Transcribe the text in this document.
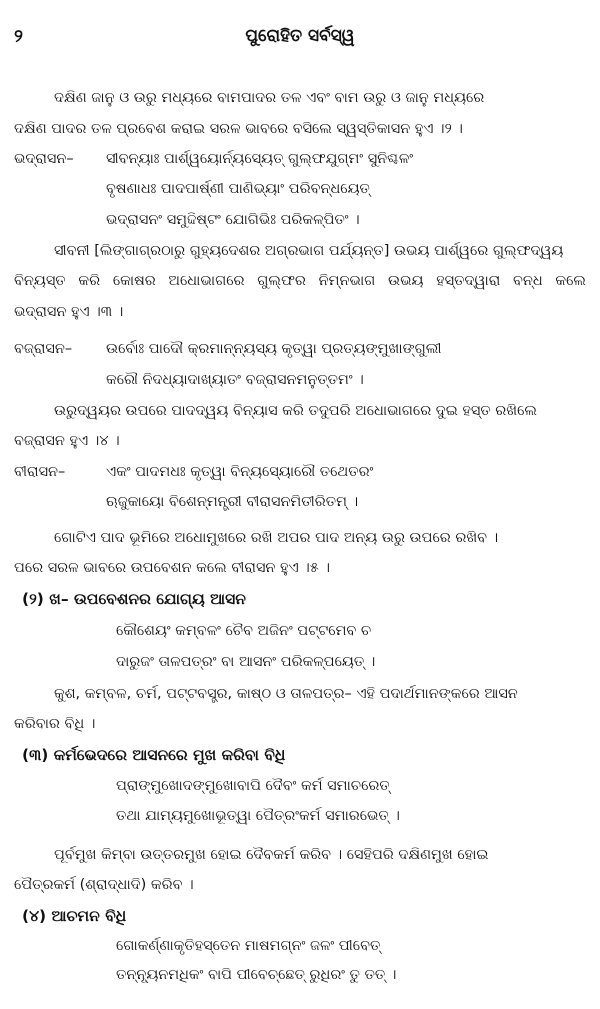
୨	ପୁରୋହିତ ସର୍ବସ୍ୱ
ଦକ୍ଷିଣ ଜାନୁ ଓ ଉରୁ ମଧ୍ୟରେ ବାମପାଦର ତଳ ଏବଂ ବାମ ଉରୁ ଓ ଜାନୁ ମଧ୍ୟରେ
ଦକ୍ଷିଣ ପାଦର ତଳ ପ୍ରବେଶ କରାଇ ସରଳ ଭାବରେ ବସିଲେ ସ୍ୱସ୍ତିକାସନ ହୁଏ ।୨ ।
ଭଦ୍ରାସନ– ସୀବନ୍ୟାଃ ପାର୍ଶ୍ୱୟୋର୍ନ୍ୟସ୍ୟେତ୍ ଗୁଲ୍‌ଫଯୁଗ୍ମଂ ସୁନିଶ୍ଚଳଂ
ବୃଷଣାଧଃ ପାଦପାର୍ଷ୍ଣୀ ପାଣିଭ୍ୟାଂ ପରିବନ୍ଧୟେତ୍
ଭଦ୍ରାସନଂ ସମୁଦ୍ଦିଷ୍ଟଂ ଯୋଗିଭିଃ ପରିକଳ୍ପିତଂ ।
ସୀବନୀ [ଲିଙ୍ଗାଗ୍ରଠାରୁ ଗୁହ୍ୟଦେଶର ଅଗ୍ରଭାଗ ପର୍ଯ୍ୟନ୍ତ] ଉଭୟ ପାର୍ଶ୍ୱରେ ଗୁଲ୍‌ଫଦ୍ୱୟ
ବିନ୍ୟସ୍ତ କରି କୋଷର ଅଧୋଭାଗରେ ଗୁଲ୍‌ଫର ନିମ୍ନଭାଗ ଉଭୟ ହସ୍ତଦ୍ୱାରା ବନ୍ଧ କଲେ
ଭଦ୍ରାସନ ହୁଏ ।୩ ।
ବଜ୍ରାସନ– ଉର୍ବୋଃ ପାଦୌ କ୍ରମାନ୍ନ୍ୟସ୍ୟ କୃତ୍ୱା ପ୍ରତ୍ୟଙ୍ମୁଖାଙ୍ଗୁଲୀ
କରୌ ନିଦଧ୍ୟାଦାଖ୍ୟାତଂ ବଜ୍ରାସନମନୁତ୍ତମଂ ।
ଉରୁଦ୍ୱୟର ଉପରେ ପାଦଦ୍ୱୟ ବିନ୍ୟାସ କରି ତଦୁପରି ଅଧୋଭାଗରେ ଦୁଇ ହସ୍ତ ରଖିଲେ
ବଜ୍ରାସନ ହୁଏ ।୪ ।
ବୀରାସନ–	ଏକଂ ପାଦମଧଃ କୃତ୍ୱା ବିନ୍ୟସ୍ୟୋରୌ ତଥେତରଂ
ଋଜୁକାୟୋ ବିଶେନ୍ମନ୍ତ୍ରୀ ବୀରାସନମିତୀରିତମ୍ ।
ଗୋଟିଏ ପାଦ ଭୂମିରେ ଅଧୋମୁଖରେ ରଖି ଅପର ପାଦ ଅନ୍ୟ ଉରୁ ଉପରେ ରଖିବ ।
ପରେ ସରଳ ଭାବରେ ଉପବେଶନ କଲେ ବୀରାସନ ହୁଏ ।୫ ।
(୨) ଖ– ଉପବେଶନର ଯୋଗ୍ୟ ଆସନ
କୌଶେୟଂ କମ୍ବଳଂ ଚୈବ ଅଜିନଂ ପଟ୍ଟମେବ ଚ
ଦାରୁଜଂ ତାଳପତ୍ରଂ ବା ଆସନଂ ପରିକଳ୍ପୟେତ୍ ।
କୁଶ, କମ୍ବଳ, ଚର୍ମ, ପଟ୍ଟବସ୍ତ୍ର, କାଷ୍ଠ ଓ ତାଳପତ୍ର– ଏହି ପଦାର୍ଥମାନଙ୍କରେ ଆସନ
କରିବାର ବିଧି ।
(୩) କର୍ମଭେଦରେ ଆସନରେ ମୁଖ କରିବା ବିଧି
ପ୍ରାଙ୍ମୁଖୋଦଙ୍ମୁଖୋବାପି ଦୈବଂ କର୍ମ ସମାଚରେତ୍
ତଥା ଯାମ୍ୟମୁଖୋଭୂତ୍ୱା ପୈତ୍ରଂକର୍ମ ସମାରଭେତ୍ ।
ପୂର୍ବମୁଖ କିମ୍ବା ଉତ୍ତରମୁଖ ହୋଇ ଦୈବକର୍ମ କରିବ । ସେହିପରି ଦକ୍ଷିଣମୁଖ ହୋଇ
ପୈତ୍ରକର୍ମ (ଶ୍ରାଦ୍ଧାଦି) କରିବ ।
(୪) ଆଚମନ ବିଧି
ଗୋକର୍ଣ୍ଣାକୃତିହସ୍ତେନ ମାଷମଗ୍ନଂ ଜଳଂ ପୀବେତ୍
ତନ୍ନ୍ୟୂନମଧିକଂ ବାପି ପୀବେଚ୍ଛେତ୍ ରୁଧିରଂ ତୁ ତତ୍ ।
